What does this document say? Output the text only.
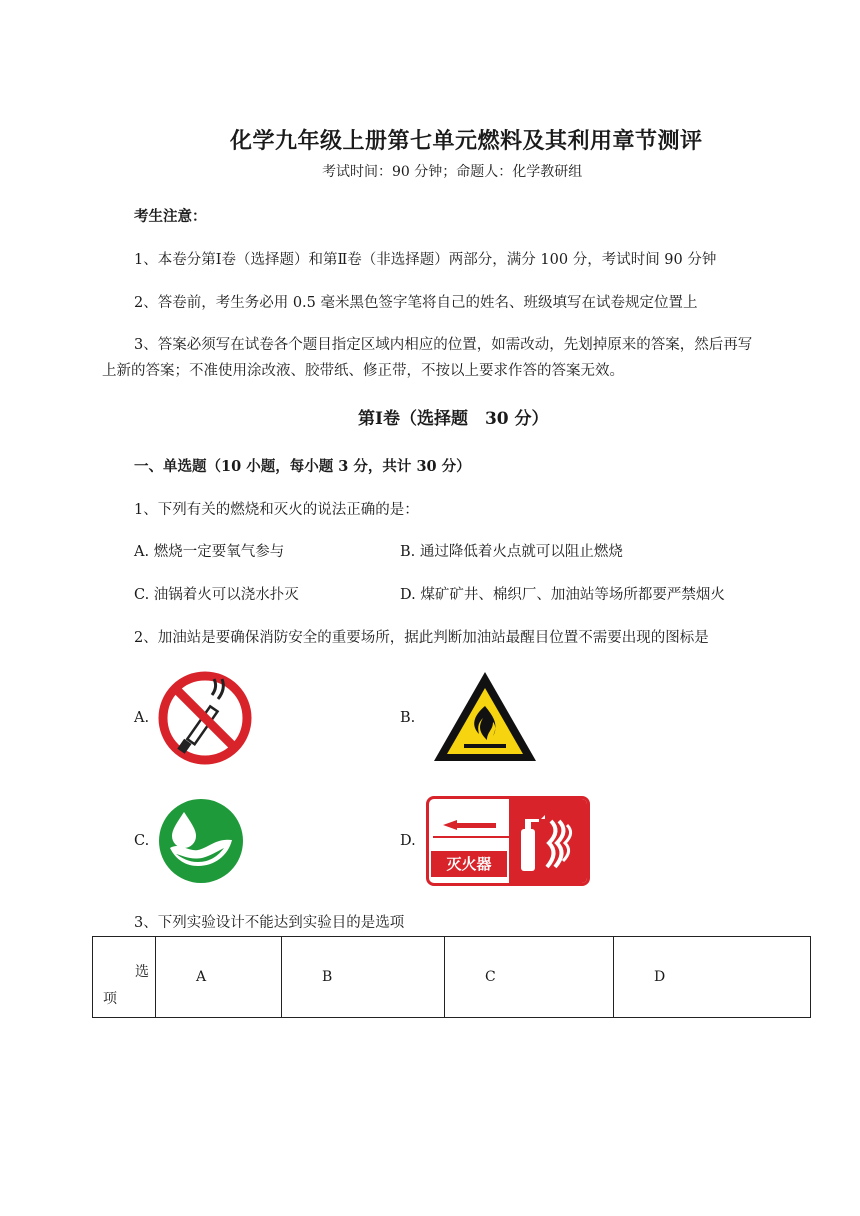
化学九年级上册第七单元燃料及其利用章节测评
考试时间：90 分钟；命题人：化学教研组
考生注意：
1、本卷分第Ⅰ卷（选择题）和第Ⅱ卷（非选择题）两部分，满分 100 分，考试时间 90 分钟
2、答卷前，考生务必用 0.5 毫米黑色签字笔将自己的姓名、班级填写在试卷规定位置上
3、答案必须写在试卷各个题目指定区域内相应的位置，如需改动，先划掉原来的答案，然后再写
上新的答案；不准使用涂改液、胶带纸、修正带，不按以上要求作答的答案无效。
第Ⅰ卷（选择题　30 分）
一、单选题（10 小题，每小题 3 分，共计 30 分）
1、下列有关的燃烧和灭火的说法正确的是：
A. 燃烧一定要氧气参与	B. 通过降低着火点就可以阻止燃烧
C. 油锅着火可以浇水扑灭	D. 煤矿矿井、棉织厂、加油站等场所都要严禁烟火
2、加油站是要确保消防安全的重要场所，据此判断加油站最醒目位置不需要出现的图标是
A.	B.
C.	D.
灭火器
3、下列实验设计不能达到实验目的是选项
选
项
	A	B	C	D
